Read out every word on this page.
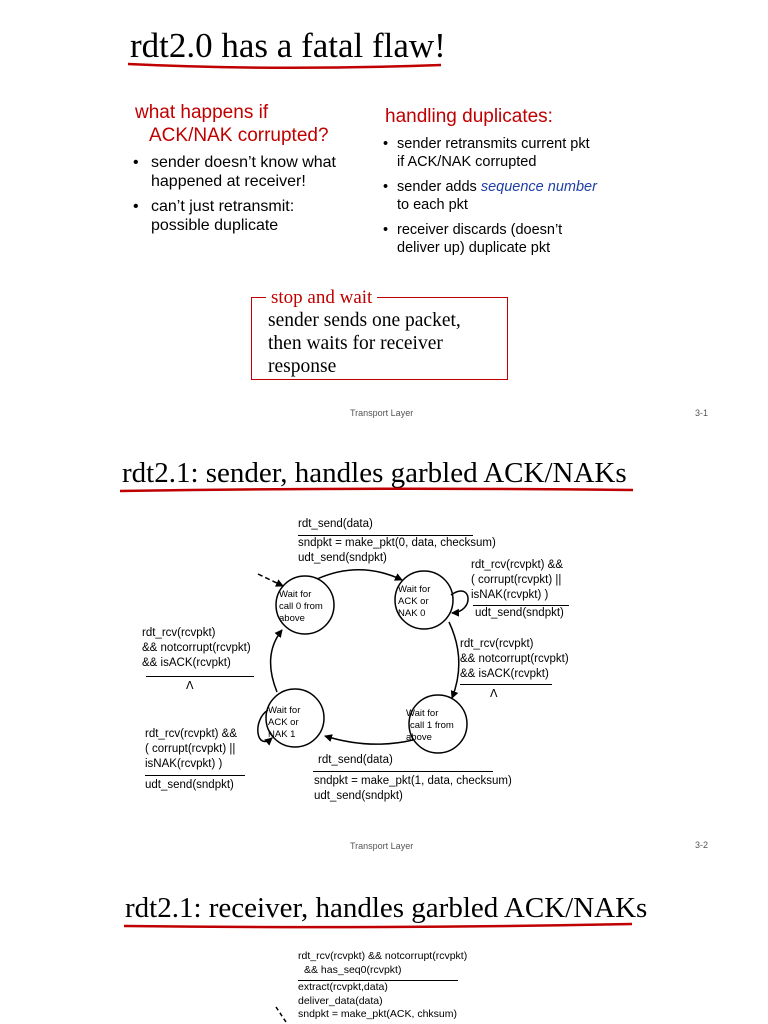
rdt2.0 has a fatal flaw!
what happens if
ACK/NAK corrupted?
• sender doesn’t know what
happened at receiver!
• can’t just retransmit:
possible duplicate
handling duplicates:
• sender retransmits current pkt
if ACK/NAK corrupted
• sender adds sequence number
to each pkt
• receiver discards (doesn’t
deliver up) duplicate pkt
stop and wait
sender sends one packet,
then waits for receiver
response
Transport Layer	3-1
rdt2.1: sender, handles garbled ACK/NAKs
Wait for
call 0 from
above
Wait for
ACK or
NAK 0
Wait for
call 1 from
above
Wait for
ACK or
NAK 1
rdt_send(data)
sndpkt = make_pkt(0, data, checksum)
udt_send(sndpkt)
rdt_rcv(rcvpkt) &&
( corrupt(rcvpkt) ||
isNAK(rcvpkt) )
udt_send(sndpkt)
rdt_rcv(rcvpkt)
&& notcorrupt(rcvpkt)
&& isACK(rcvpkt)
Λ
rdt_rcv(rcvpkt)
&& notcorrupt(rcvpkt)
&& isACK(rcvpkt)
Λ
rdt_rcv(rcvpkt) &&
( corrupt(rcvpkt) ||
isNAK(rcvpkt) )
udt_send(sndpkt)
rdt_send(data)
sndpkt = make_pkt(1, data, checksum)
udt_send(sndpkt)
Transport Layer	3-2
rdt2.1: receiver, handles garbled ACK/NAKs
rdt_rcv(rcvpkt) && notcorrupt(rcvpkt)
&& has_seq0(rcvpkt)
extract(rcvpkt,data)
deliver_data(data)
sndpkt = make_pkt(ACK, chksum)
